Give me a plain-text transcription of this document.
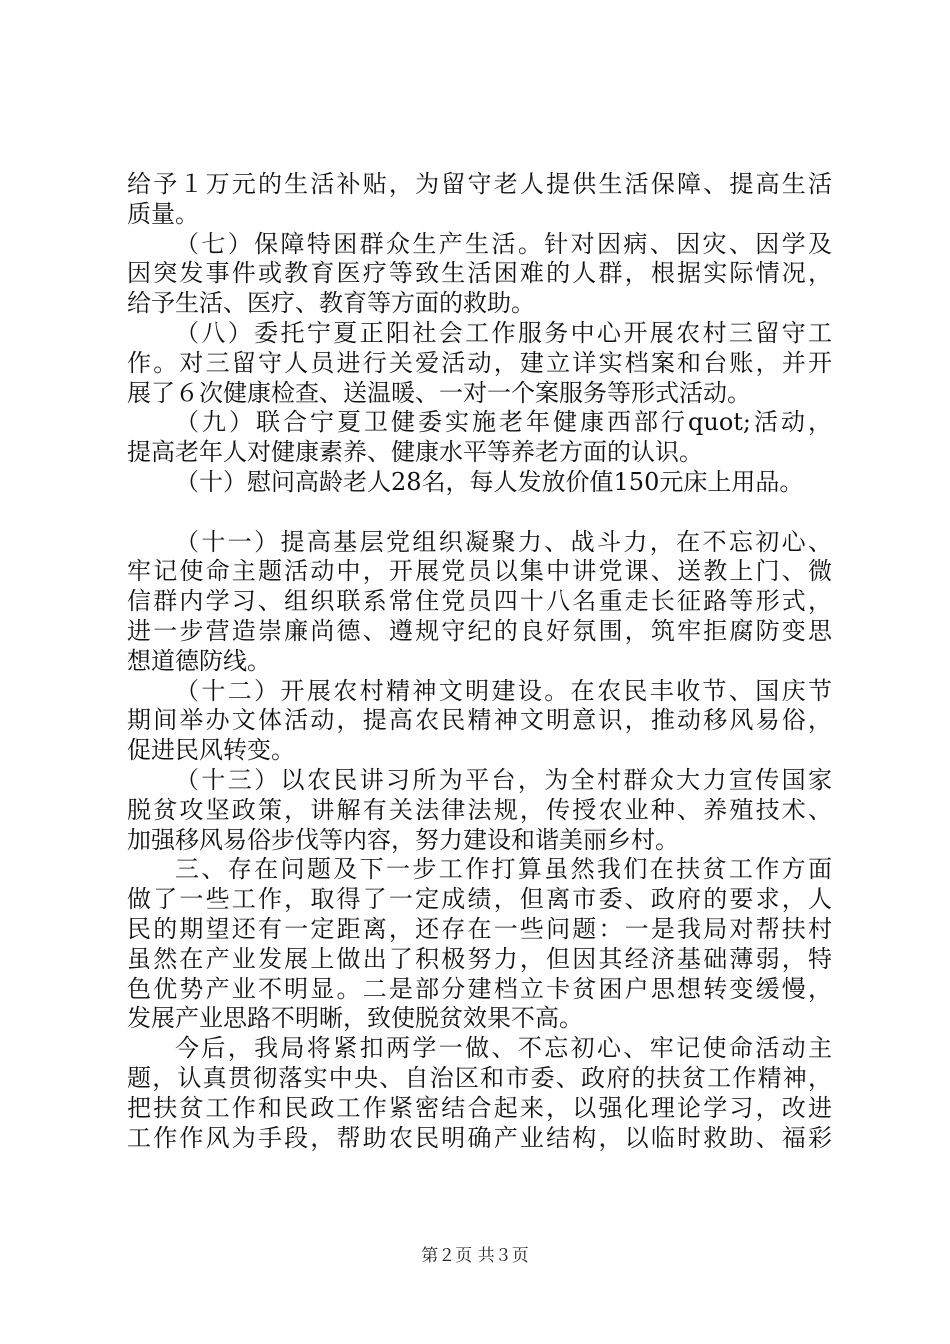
给予１万元的生活补贴，为留守老人提供生活保障、提高生活
质量。
（七）保障特困群众生产生活。针对因病、因灾、因学及
因突发事件或教育医疗等致生活困难的人群，根据实际情况，
给予生活、医疗、教育等方面的救助。
（八）委托宁夏正阳社会工作服务中心开展农村三留守工
作。对三留守人员进行关爱活动，建立详实档案和台账，并开
展了６次健康检查、送温暖、一对一个案服务等形式活动。
（九）联合宁夏卫健委实施老年健康西部行quot;活动，
提高老年人对健康素养、健康水平等养老方面的认识。
（十）慰问高龄老人28名，每人发放价值150元床上用品。
（十一）提高基层党组织凝聚力、战斗力，在不忘初心、
牢记使命主题活动中，开展党员以集中讲党课、送教上门、微
信群内学习、组织联系常住党员四十八名重走长征路等形式，
进一步营造崇廉尚德、遵规守纪的良好氛围，筑牢拒腐防变思
想道德防线。
（十二）开展农村精神文明建设。在农民丰收节、国庆节
期间举办文体活动，提高农民精神文明意识，推动移风易俗，
促进民风转变。
（十三）以农民讲习所为平台，为全村群众大力宣传国家
脱贫攻坚政策，讲解有关法律法规，传授农业种、养殖技术、
加强移风易俗步伐等内容，努力建设和谐美丽乡村。
三、存在问题及下一步工作打算虽然我们在扶贫工作方面
做了一些工作，取得了一定成绩，但离市委、政府的要求，人
民的期望还有一定距离，还存在一些问题：一是我局对帮扶村
虽然在产业发展上做出了积极努力，但因其经济基础薄弱，特
色优势产业不明显。二是部分建档立卡贫困户思想转变缓慢，
发展产业思路不明晰，致使脱贫效果不高。
今后，我局将紧扣两学一做、不忘初心、牢记使命活动主
题，认真贯彻落实中央、自治区和市委、政府的扶贫工作精神，
把扶贫工作和民政工作紧密结合起来，以强化理论学习，改进
工作作风为手段，帮助农民明确产业结构，以临时救助、福彩
第２页 共３页
